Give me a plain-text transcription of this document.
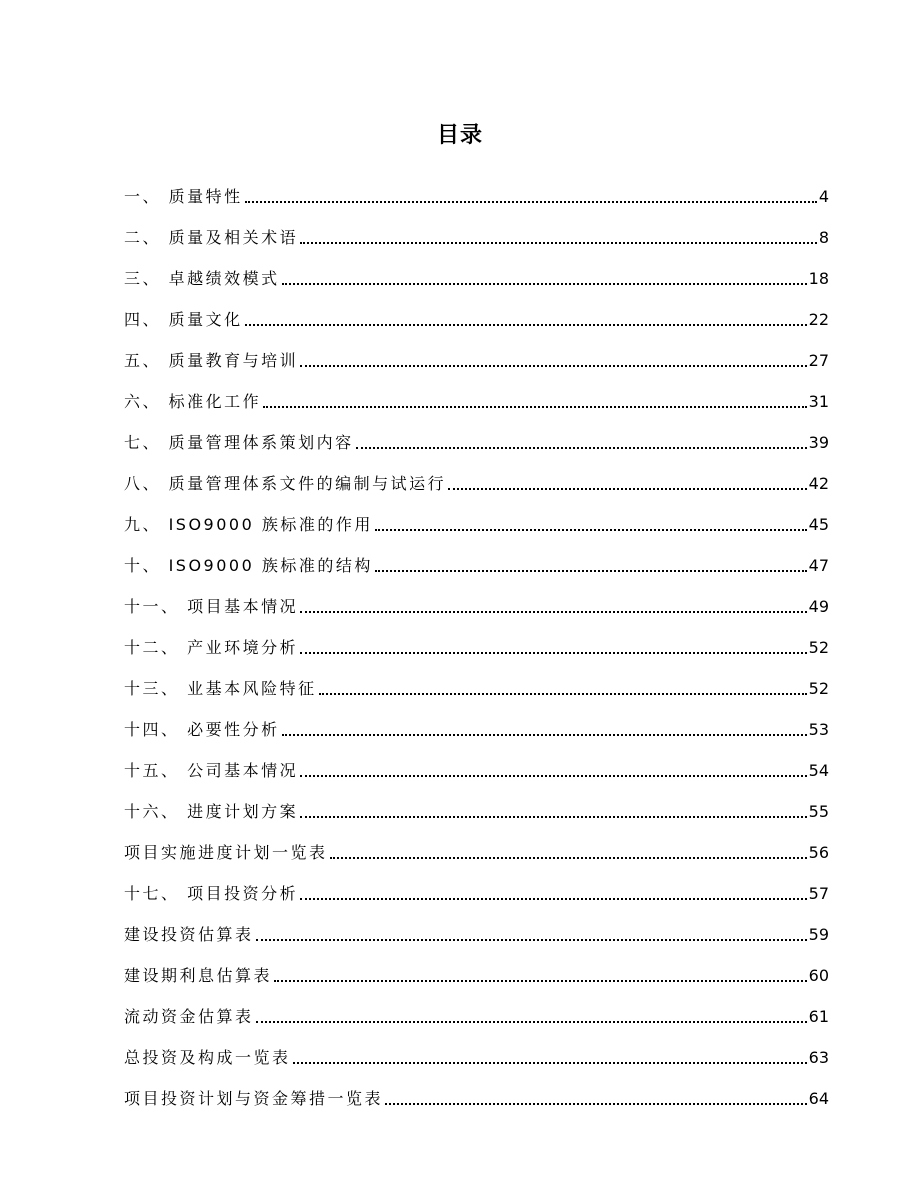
目录
一、 质量特性	4
二、 质量及相关术语	8
三、 卓越绩效模式	18
四、 质量文化	22
五、 质量教育与培训	27
六、 标准化工作	31
七、 质量管理体系策划内容	39
八、 质量管理体系文件的编制与试运行	42
九、 ISO9000 族标准的作用	45
十、 ISO9000 族标准的结构	47
十一、 项目基本情况	49
十二、 产业环境分析	52
十三、 业基本风险特征	52
十四、 必要性分析	53
十五、 公司基本情况	54
十六、 进度计划方案	55
项目实施进度计划一览表	56
十七、 项目投资分析	57
建设投资估算表	59
建设期利息估算表	60
流动资金估算表	61
总投资及构成一览表	63
项目投资计划与资金筹措一览表	64
